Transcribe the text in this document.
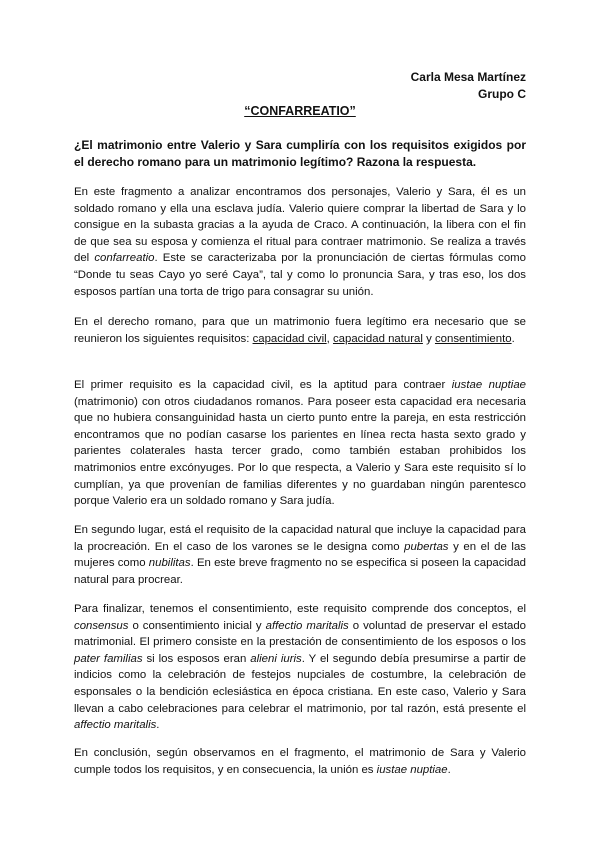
Carla Mesa Martínez
Grupo C
“CONFARREATIO”
¿El matrimonio entre Valerio y Sara cumpliría con los requisitos exigidos por el derecho romano para un matrimonio legítimo? Razona la respuesta.

En este fragmento a analizar encontramos dos personajes, Valerio y Sara, él es un soldado romano y ella una esclava judía. Valerio quiere comprar la libertad de Sara y lo consigue en la subasta gracias a la ayuda de Craco. A continuación, la libera con el fin de que sea su esposa y comienza el ritual para contraer matrimonio. Se realiza a través del confarreatio. Este se caracterizaba por la pronunciación de ciertas fórmulas como “Donde tu seas Cayo yo seré Caya”, tal y como lo pronuncia Sara, y tras eso, los dos esposos partían una torta de trigo para consagrar su unión.

En el derecho romano, para que un matrimonio fuera legítimo era necesario que se reunieron los siguientes requisitos: capacidad civil, capacidad natural y consentimiento.

El primer requisito es la capacidad civil, es la aptitud para contraer iustae nuptiae (matrimonio) con otros ciudadanos romanos. Para poseer esta capacidad era necesaria que no hubiera consanguinidad hasta un cierto punto entre la pareja, en esta restricción encontramos que no podían casarse los parientes en línea recta hasta sexto grado y parientes colaterales hasta tercer grado, como también estaban prohibidos los matrimonios entre excónyuges. Por lo que respecta, a Valerio y Sara este requisito sí lo cumplían, ya que provenían de familias diferentes y no guardaban ningún parentesco porque Valerio era un soldado romano y Sara judía.

En segundo lugar, está el requisito de la capacidad natural que incluye la capacidad para la procreación. En el caso de los varones se le designa como pubertas y en el de las mujeres como nubilitas. En este breve fragmento no se especifica si poseen la capacidad natural para procrear.

Para finalizar, tenemos el consentimiento, este requisito comprende dos conceptos, el consensus o consentimiento inicial y affectio maritalis o voluntad de preservar el estado matrimonial. El primero consiste en la prestación de consentimiento de los esposos o los pater familias si los esposos eran alieni iuris. Y el segundo debía presumirse a partir de indicios como la celebración de festejos nupciales de costumbre, la celebración de esponsales o la bendición eclesiástica en época cristiana. En este caso, Valerio y Sara llevan a cabo celebraciones para celebrar el matrimonio, por tal razón, está presente el affectio maritalis.

En conclusión, según observamos en el fragmento, el matrimonio de Sara y Valerio cumple todos los requisitos, y en consecuencia, la unión es iustae nuptiae.
